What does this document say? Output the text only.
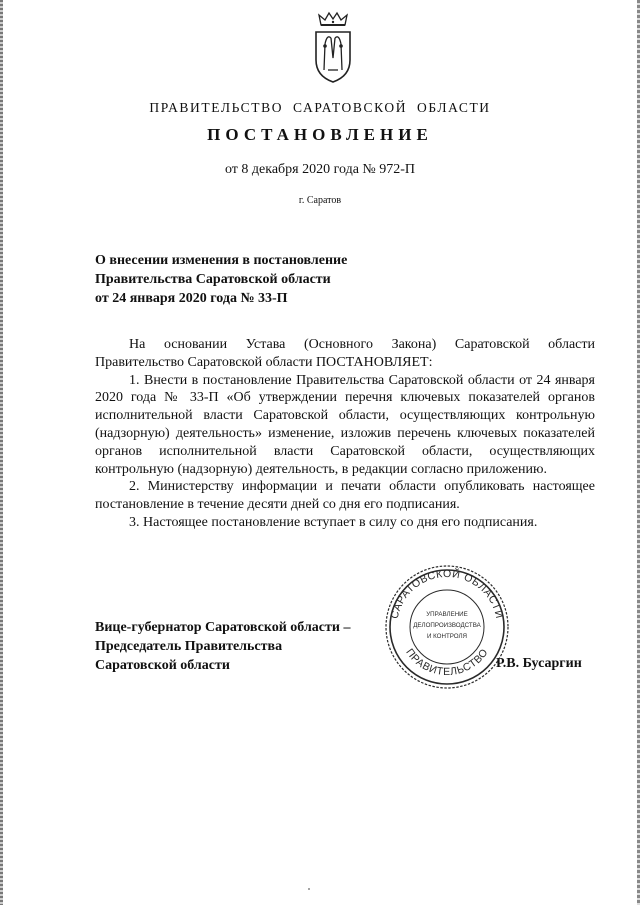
ПРАВИТЕЛЬСТВО САРАТОВСКОЙ ОБЛАСТИ
ПОСТАНОВЛЕНИЕ
от 8 декабря 2020 года № 972-П
г. Саратов
О внесении изменения в постановление
Правительства Саратовской области
от 24 января 2020 года № 33-П

На основании Устава (Основного Закона) Саратовской области Правительство Саратовской области ПОСТАНОВЛЯЕТ:

1. Внести в постановление Правительства Саратовской области от 24 января 2020 года № 33-П «Об утверждении перечня ключевых показателей органов исполнительной власти Саратовской области, осуществляющих контрольную (надзорную) деятельность» изменение, изложив перечень ключевых показателей органов исполнительной власти Саратовской области, осуществляющих контрольную (надзорную) деятельность, в редакции согласно приложению.

2. Министерству информации и печати области опубликовать настоящее постановление в течение десяти дней со дня его подписания.

3. Настоящее постановление вступает в силу со дня его подписания.

Вице-губернатор Саратовской области –
Председатель Правительства
Саратовской области	Р.В. Бусаргин
САРАТОВСКОЙ ОБЛАСТИ
ПРАВИТЕЛЬСТВО
УПРАВЛЕНИЕ
ДЕЛОПРОИЗВОДСТВА
И КОНТРОЛЯ
